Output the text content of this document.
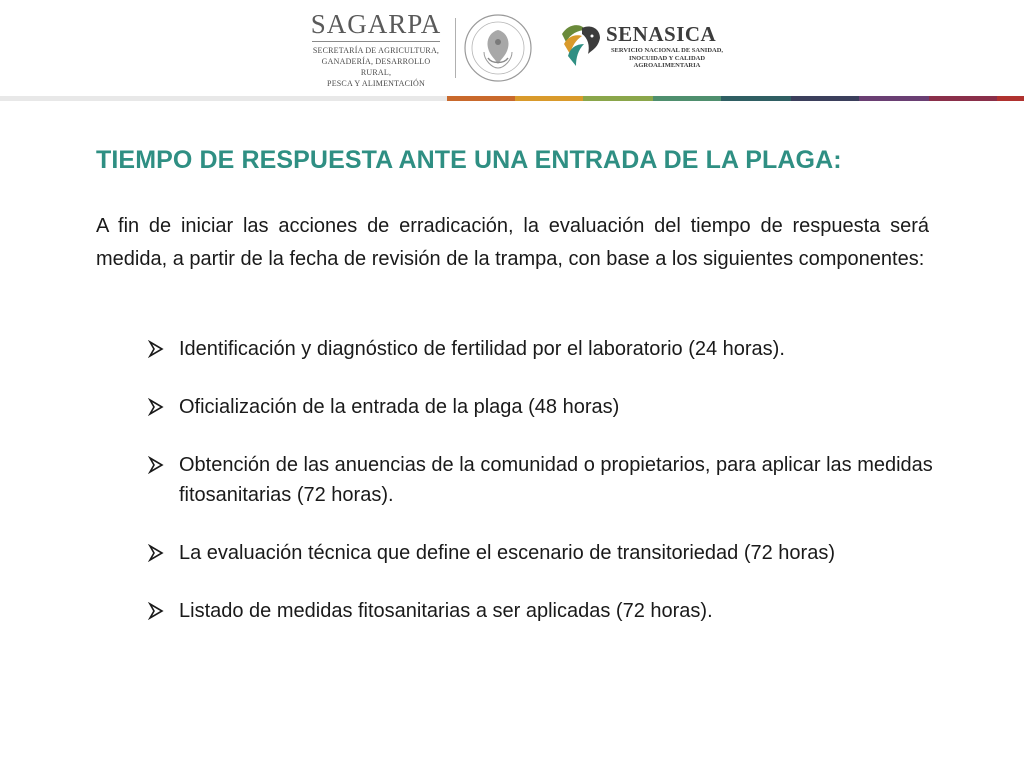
SAGARPA
SECRETARÍA DE AGRICULTURA,
GANADERÍA, DESARROLLO RURAL,
PESCA Y ALIMENTACIÓN
SENASICA
SERVICIO NACIONAL DE SANIDAD,
INOCUIDAD Y CALIDAD
AGROALIMENTARIA
TIEMPO DE RESPUESTA ANTE UNA ENTRADA DE LA PLAGA:
A fin de iniciar las acciones de erradicación, la evaluación del tiempo de respuesta será medida, a partir de la fecha de revisión de la trampa, con base a los siguientes componentes:
Identificación y diagnóstico de fertilidad por el laboratorio (24 horas).
Oficialización de la entrada de la plaga (48 horas)
Obtención de las anuencias de la comunidad o propietarios, para aplicar las medidas fitosanitarias (72 horas).
La evaluación técnica que define el escenario de transitoriedad (72 horas)
Listado de medidas fitosanitarias a ser aplicadas (72 horas).
